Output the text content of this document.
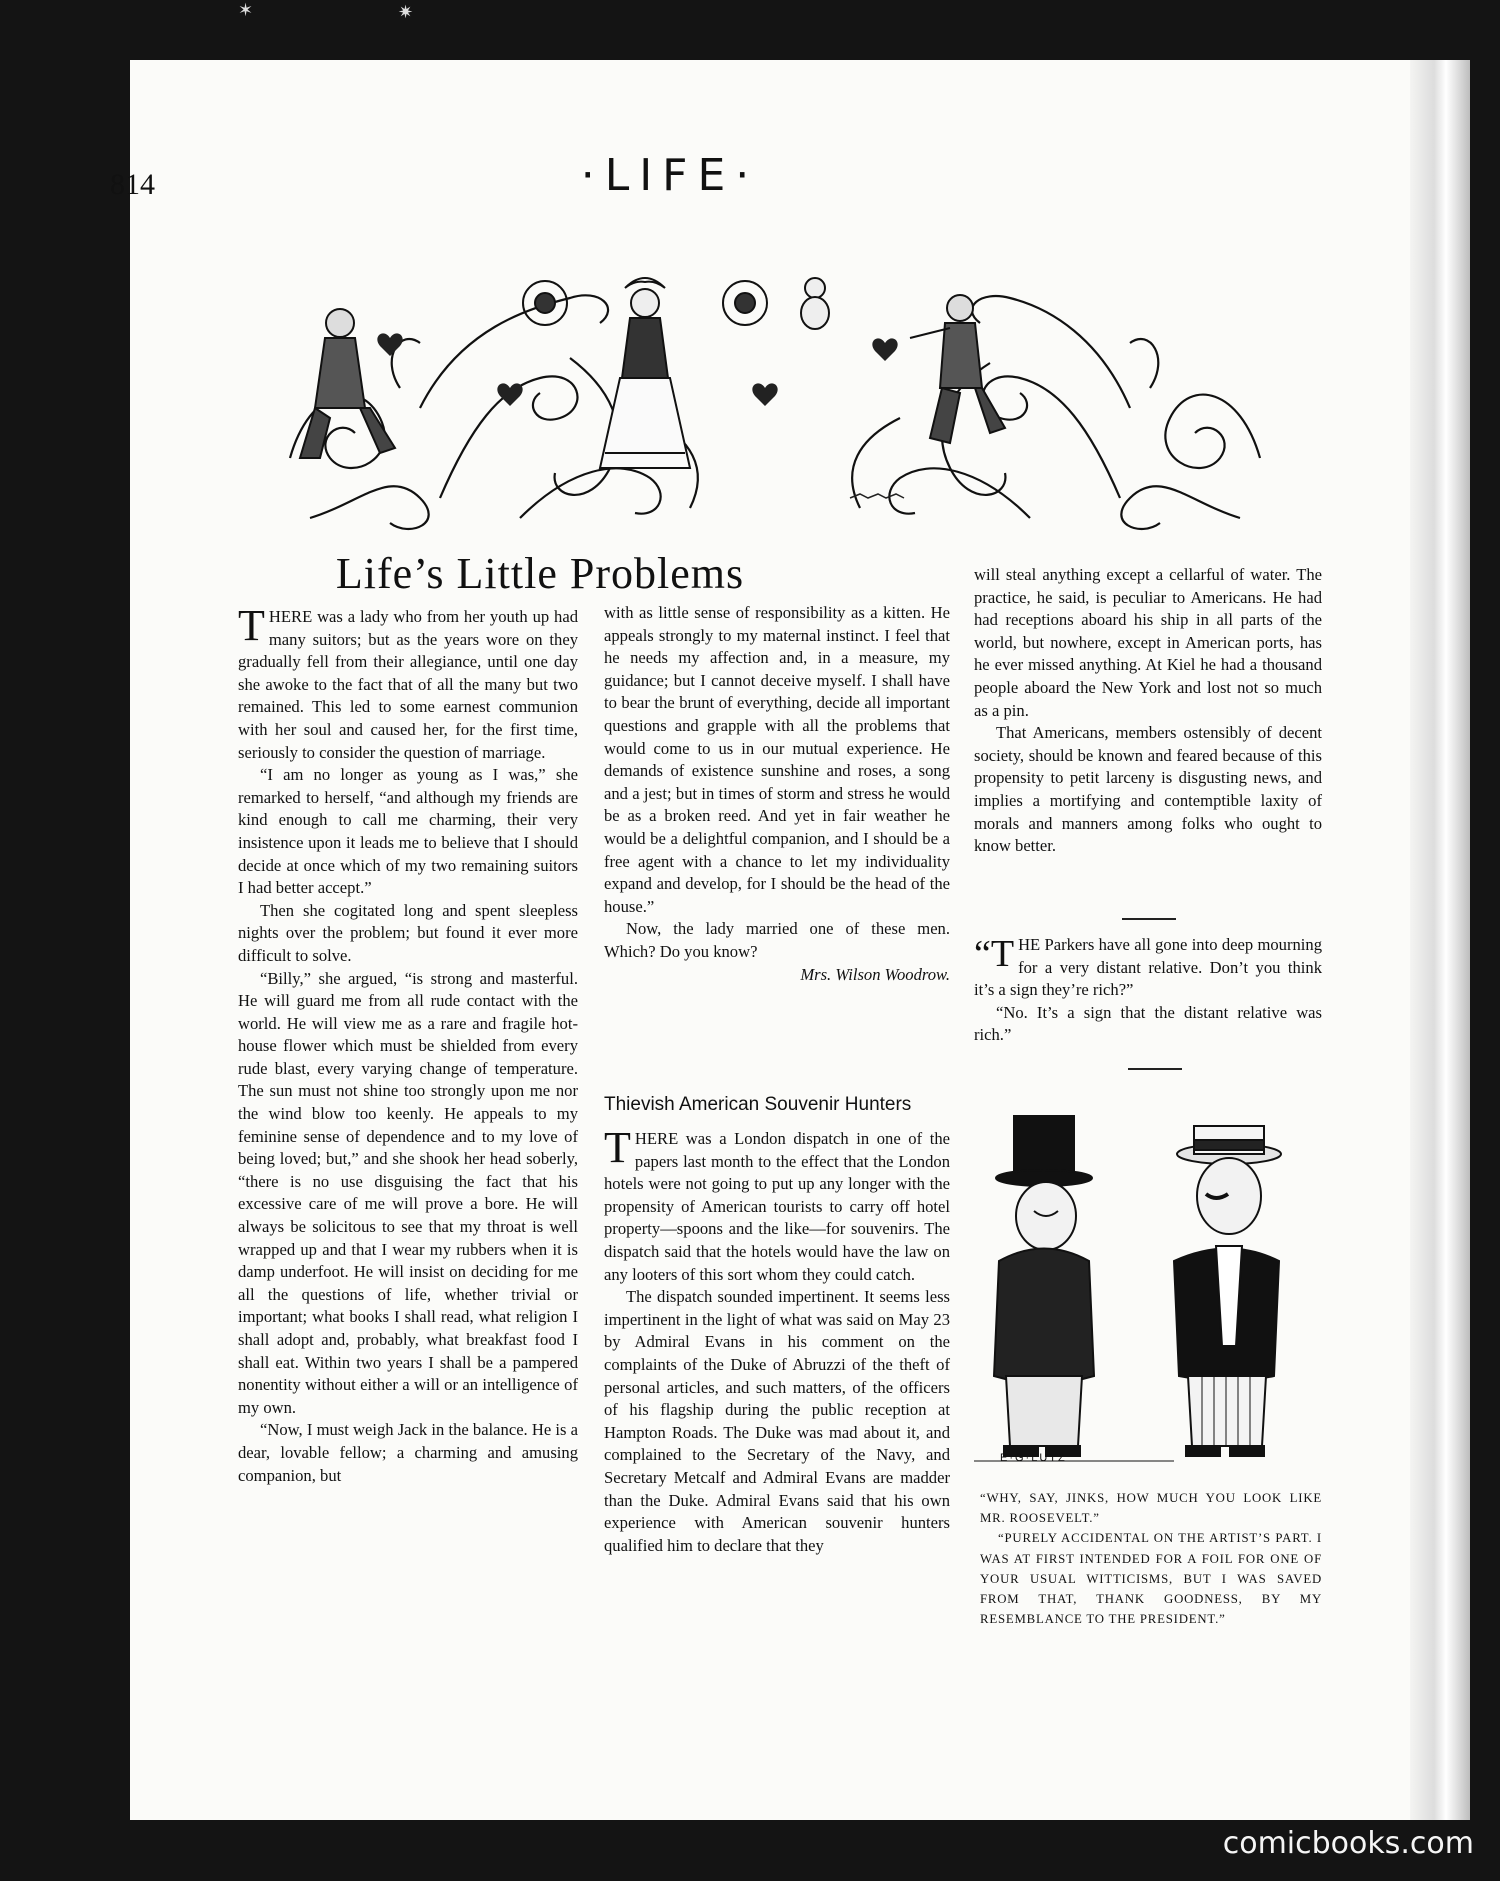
✶	✷
814	·LIFE·
Life’s Little Problems

THERE was a lady who from her youth up had many suitors; but as the years wore on they gradually fell from their allegiance, until one day she awoke to the fact that of all the many but two remained. This led to some earnest communion with her soul and caused her, for the first time, seriously to consider the question of marriage.

“I am no longer as young as I was,” she remarked to herself, “and although my friends are kind enough to call me charming, their very insistence upon it leads me to believe that I should decide at once which of my two remaining suitors I had better accept.”

Then she cogitated long and spent sleepless nights over the problem; but found it ever more difficult to solve.

“Billy,” she argued, “is strong and masterful. He will guard me from all rude contact with the world. He will view me as a rare and fragile hot-house flower which must be shielded from every rude blast, every varying change of temperature. The sun must not shine too strongly upon me nor the wind blow too keenly. He appeals to my feminine sense of dependence and to my love of being loved; but,” and she shook her head soberly, “there is no use disguising the fact that his excessive care of me will prove a bore. He will always be solicitous to see that my throat is well wrapped up and that I wear my rubbers when it is damp underfoot. He will insist on deciding for me all the questions of life, whether trivial or important; what books I shall read, what religion I shall adopt and, probably, what breakfast food I shall eat. Within two years I shall be a pampered nonentity without either a will or an intelligence of my own.

“Now, I must weigh Jack in the balance. He is a dear, lovable fellow; a charming and amusing companion, but

with as little sense of responsibility as a kitten. He appeals strongly to my maternal instinct. I feel that he needs my affection and, in a measure, my guidance; but I cannot deceive myself. I shall have to bear the brunt of everything, decide all important questions and grapple with all the problems that would come to us in our mutual experience. He demands of existence sunshine and roses, a song and a jest; but in times of storm and stress he would be as a broken reed. And yet in fair weather he would be a delightful companion, and I should be a free agent with a chance to let my individuality expand and develop, for I should be the head of the house.”

Now, the lady married one of these men. Which? Do you know?

Mrs. Wilson Woodrow.

Thievish American Souvenir Hunters

THERE was a London dispatch in one of the papers last month to the effect that the London hotels were not going to put up any longer with the propensity of American tourists to carry off hotel property—spoons and the like—for souvenirs. The dispatch said that the hotels would have the law on any looters of this sort whom they could catch.

The dispatch sounded impertinent. It seems less impertinent in the light of what was said on May 23 by Admiral Evans in his comment on the complaints of the Duke of Abruzzi of the theft of personal articles, and such matters, of the officers of his flagship during the public reception at Hampton Roads. The Duke was mad about it, and complained to the Secretary of the Navy, and Secretary Metcalf and Admiral Evans are madder than the Duke. Admiral Evans said that his own experience with American souvenir hunters qualified him to declare that they

will steal anything except a cellarful of water. The practice, he said, is peculiar to Americans. He had had receptions aboard his ship in all parts of the world, but nowhere, except in American ports, has he ever missed anything. At Kiel he had a thousand people aboard the New York and lost not so much as a pin.

That Americans, members ostensibly of decent society, should be known and feared because of this propensity to petit larceny is disgusting news, and implies a mortifying and contemptible laxity of morals and manners among folks who ought to know better.

“THE Parkers have all gone into deep mourning for a very distant relative. Don’t you think it’s a sign they’re rich?”

“No. It’s a sign that the distant relative was rich.”

E·G·LUTZ

“WHY, SAY, JINKS, HOW MUCH YOU LOOK LIKE MR. ROOSEVELT.”

“PURELY ACCIDENTAL ON THE ARTIST’S PART. I WAS AT FIRST INTENDED FOR A FOIL FOR ONE OF YOUR USUAL WITTICISMS, BUT I WAS SAVED FROM THAT, THANK GOODNESS, BY MY RESEMBLANCE TO THE PRESIDENT.”

comicbooks.com
